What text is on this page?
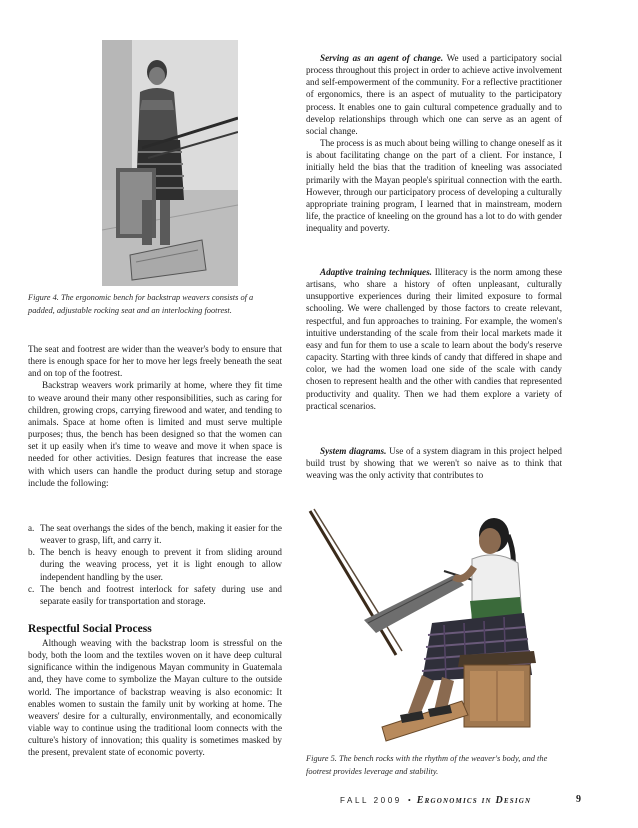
Figure 4. The ergonomic bench for backstrap weavers consists of a padded, adjustable rocking seat and an interlocking footrest.

The seat and footrest are wider than the weaver's body to ensure that there is enough space for her to move her legs freely beneath the seat and on top of the footrest.

Backstrap weavers work primarily at home, where they fit time to weave around their many other responsibilities, such as caring for children, growing crops, carrying firewood and water, and tending to animals. Space at home often is limited and must serve multiple purposes; thus, the bench has been designed so that the women can set it up easily when it's time to weave and move it when space is needed for other activities. Design features that increase the ease with which users can handle the product during setup and storage include the following:

a. The seat overhangs the sides of the bench, making it easier for the weaver to grasp, lift, and carry it.
b. The bench is heavy enough to prevent it from sliding around during the weaving process, yet it is light enough to allow independent handling by the user.
c. The bench and footrest interlock for safety during use and separate easily for transportation and storage.
Respectful Social Process

Although weaving with the backstrap loom is stressful on the body, both the loom and the textiles woven on it have deep cultural significance within the indigenous Mayan community in Guatemala and, they have come to symbolize the Mayan culture to the outside world. The importance of backstrap weaving is also economic: It enables women to sustain the family unit by working at home. The weavers' desire for a culturally, environmentally, and economically viable way to continue using the traditional loom connects with the culture's history of innovation; this quality is sometimes masked by the present, prevalent state of economic poverty.

Serving as an agent of change. We used a participatory social process throughout this project in order to achieve active involvement and self-empowerment of the community. For a reflective practitioner of ergonomics, there is an aspect of mutuality to the participatory process. It enables one to gain cultural competence gradually and to develop relationships through which one can serve as an agent of social change.

The process is as much about being willing to change oneself as it is about facilitating change on the part of a client. For instance, I initially held the bias that the tradition of kneeling was associated primarily with the Mayan people's spiritual connection with the earth. However, through our participatory process of developing a culturally appropriate training program, I learned that in mainstream, modern life, the practice of kneeling on the ground has a lot to do with gender inequality and poverty.

Adaptive training techniques. Illiteracy is the norm among these artisans, who share a history of often unpleasant, culturally unsupportive experiences during their limited exposure to formal schooling. We were challenged by those factors to create relevant, respectful, and fun approaches to training. For example, the women's intuitive understanding of the scale from their local markets made it easy and fun for them to use a scale to learn about the body's reserve capacity. Starting with three kinds of candy that differed in shape and color, we had the women load one side of the scale with candy chosen to represent health and the other with candies that represented productivity and quality. Then we had them explore a variety of practical scenarios.

System diagrams. Use of a system diagram in this project helped build trust by showing that we weren't so naive as to think that weaving was the only activity that contributes to

Figure 5. The bench rocks with the rhythm of the weaver's body, and the footrest provides leverage and stability.
FALL 2009 • Ergonomics in Design	9
